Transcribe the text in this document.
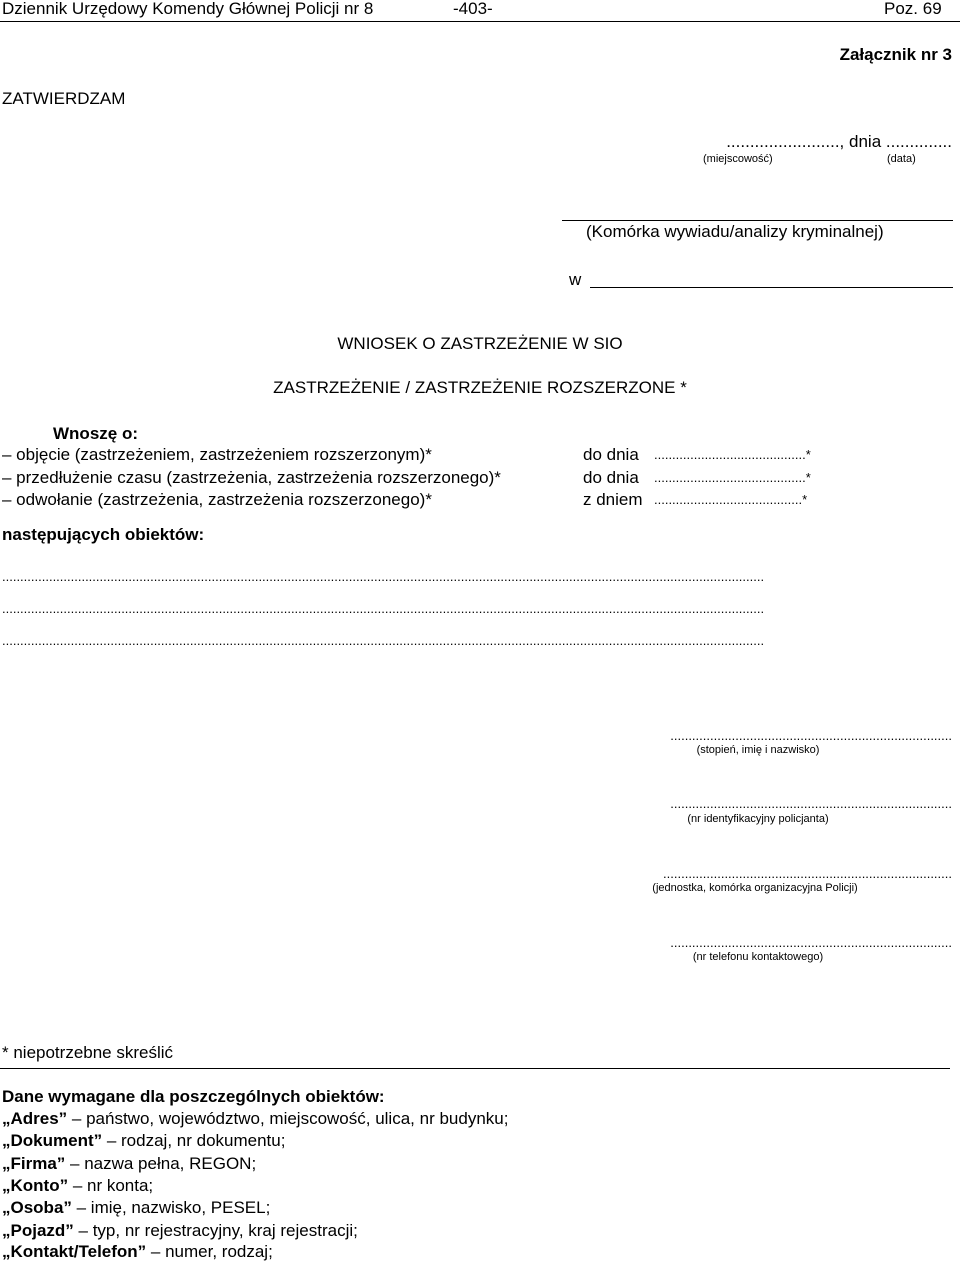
Dziennik Urzędowy Komendy Głównej Policji nr 8	-403-	Poz. 69
Załącznik nr 3
ZATWIERDZAM
........................, dnia ..............
(miejscowość)	(data)
(Komórka wywiadu/analizy kryminalnej)
w
WNIOSEK O ZASTRZEŻENIE W SIO
ZASTRZEŻENIE / ZASTRZEŻENIE ROZSZERZONE *
Wnoszę o:
– objęcie (zastrzeżeniem, zastrzeżeniem rozszerzonym)*	do dnia ..........................................*
– przedłużenie czasu (zastrzeżenia, zastrzeżenia rozszerzonego)*	do dnia ..........................................*
– odwołanie (zastrzeżenia, zastrzeżenia rozszerzonego)*	z dniem .........................................*
następujących obiektów:
...................................................................................................................................................................................................................
...................................................................................................................................................................................................................
...................................................................................................................................................................................................................
..............................................................................
(stopień, imię i nazwisko)
..............................................................................
(nr identyfikacyjny policjanta)
................................................................................
(jednostka, komórka organizacyjna Policji)
..............................................................................
(nr telefonu kontaktowego)
* niepotrzebne skreślić
Dane wymagane dla poszczególnych obiektów:
„Adres” – państwo, województwo, miejscowość, ulica, nr budynku;
„Dokument” – rodzaj, nr dokumentu;
„Firma” – nazwa pełna, REGON;
„Konto” – nr konta;
„Osoba” – imię, nazwisko, PESEL;
„Pojazd” – typ, nr rejestracyjny, kraj rejestracji;
„Kontakt/Telefon” – numer, rodzaj;
